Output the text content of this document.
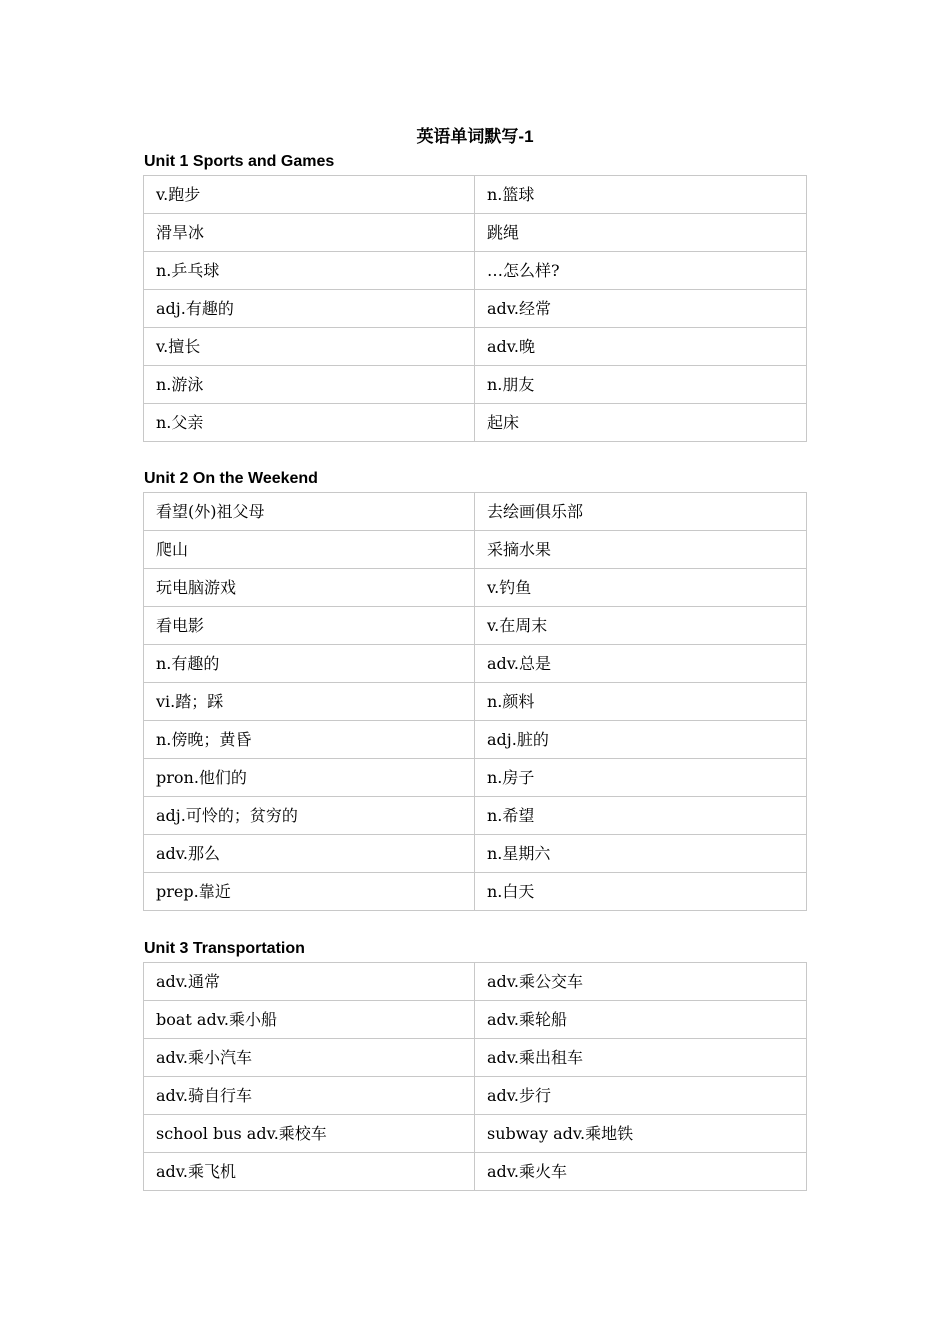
英语单词默写-1
Unit 1 Sports and Games
v.跑步	n.篮球
滑旱冰	跳绳
n.乒乓球	…怎么样?
adj.有趣的	adv.经常
v.擅长	adv.晚
n.游泳	n.朋友
n.父亲	起床
Unit 2 On the Weekend
看望(外)祖父母	去绘画俱乐部
爬山	采摘水果
玩电脑游戏	v.钓鱼
看电影	v.在周末
n.有趣的	adv.总是
vi.踏；踩	n.颜料
n.傍晚；黄昏	adj.脏的
pron.他们的	n.房子
adj.可怜的；贫穷的	n.希望
adv.那么	n.星期六
prep.靠近	n.白天
Unit 3 Transportation
adv.通常	adv.乘公交车
boat adv.乘小船	adv.乘轮船
adv.乘小汽车	adv.乘出租车
adv.骑自行车	adv.步行
school bus adv.乘校车	subway adv.乘地铁
adv.乘飞机	adv.乘火车
